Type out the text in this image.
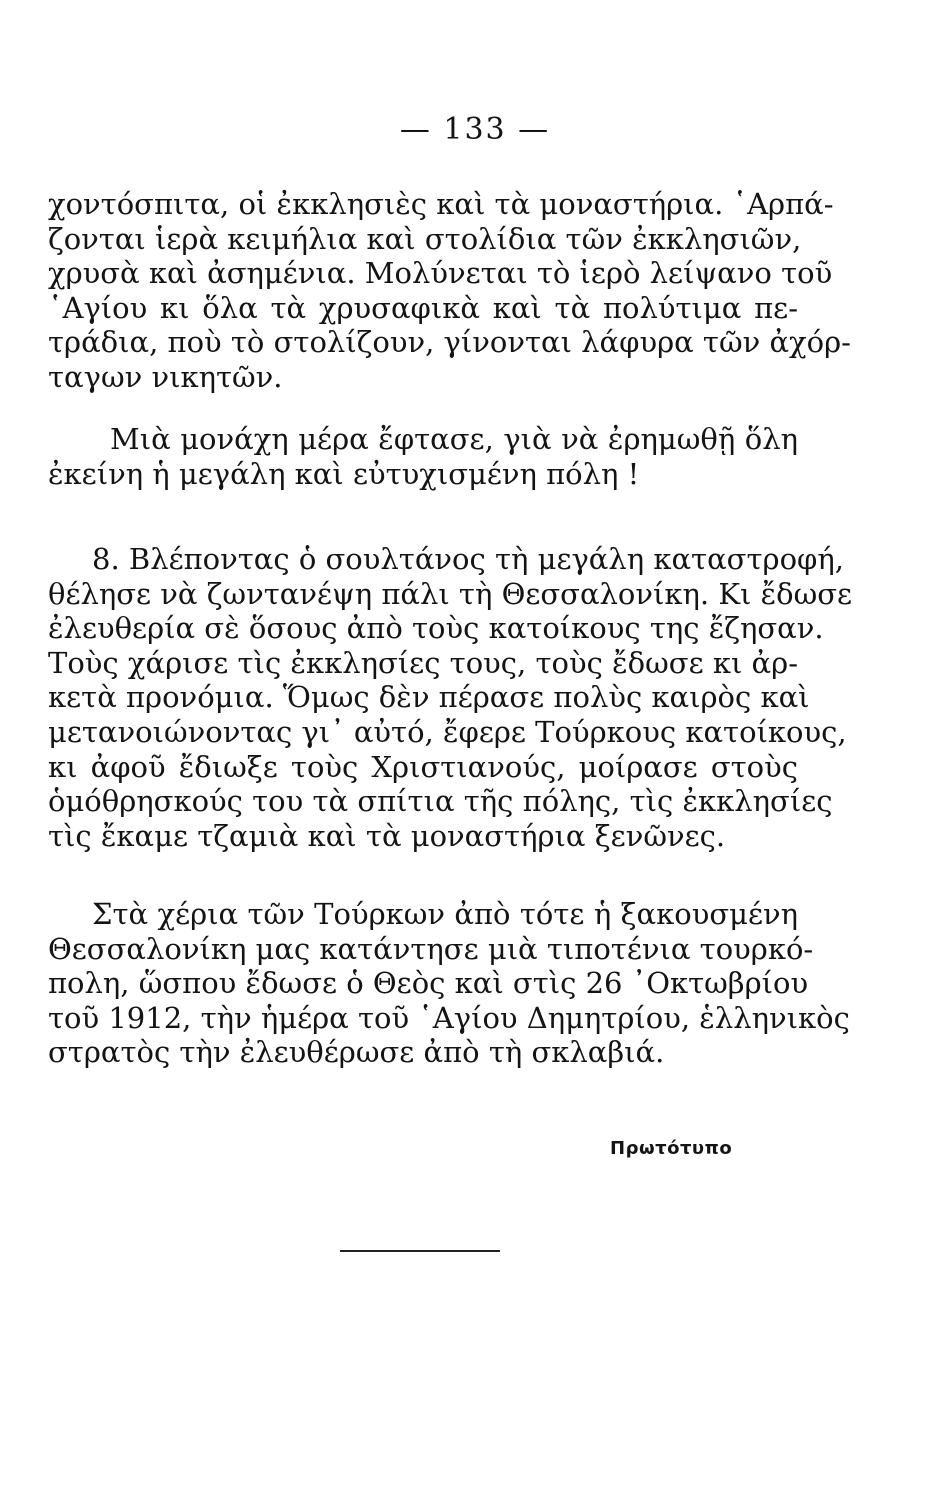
— 133 —
χοντόσπιτα, οἱ ἐκκλησιὲς καὶ τὰ μοναστήρια. ῾Αρπά-
ζονται ἱερὰ κειμήλια καὶ στολίδια τῶν ἐκκλησιῶν,
χρυσὰ καὶ ἀσημένια. Μολύνεται τὸ ἱερὸ λείψανο τοῦ
῾Αγίου κι ὅλα τὰ χρυσαφικὰ καὶ τὰ πολύτιμα πε-
τράδια, ποὺ τὸ στολίζουν, γίνονται λάφυρα τῶν ἀχόρ-
ταγων νικητῶν.
Μιὰ μονάχη μέρα ἔφτασε, γιὰ νὰ ἐρημωθῇ ὅλη
ἐκείνη ἡ μεγάλη καὶ εὐτυχισμένη πόλη !
8. Βλέποντας ὁ σουλτάνος τὴ μεγάλη καταστροφή,
θέλησε νὰ ζωντανέψη πάλι τὴ Θεσσαλονίκη. Κι ἔδωσε
ἐλευθερία σὲ ὅσους ἀπὸ τοὺς κατοίκους της ἔζησαν.
Τοὺς χάρισε τὶς ἐκκλησίες τους, τοὺς ἔδωσε κι ἀρ-
κετὰ προνόμια. Ὅμως δὲν πέρασε πολὺς καιρὸς καὶ
μετανοιώνοντας γι᾿ αὐτό, ἔφερε Τούρκους κατοίκους,
κι ἀφοῦ ἔδιωξε τοὺς Χριστιανούς, μοίρασε στοὺς
ὁμόθρησκούς του τὰ σπίτια τῆς πόλης, τὶς ἐκκλησίες
τὶς ἔκαμε τζαμιὰ καὶ τὰ μοναστήρια ξενῶνες.
Στὰ χέρια τῶν Τούρκων ἀπὸ τότε ἡ ξακουσμένη
Θεσσαλονίκη μας κατάντησε μιὰ τιποτένια τουρκό-
πολη, ὥσπου ἔδωσε ὁ Θεὸς καὶ στὶς 26 ᾿Οκτωβρίου
τοῦ 1912, τὴν ἡμέρα τοῦ ῾Αγίου Δημητρίου, ἑλληνικὸς
στρατὸς τὴν ἐλευθέρωσε ἀπὸ τὴ σκλαβιά.
Πρωτότυπο
